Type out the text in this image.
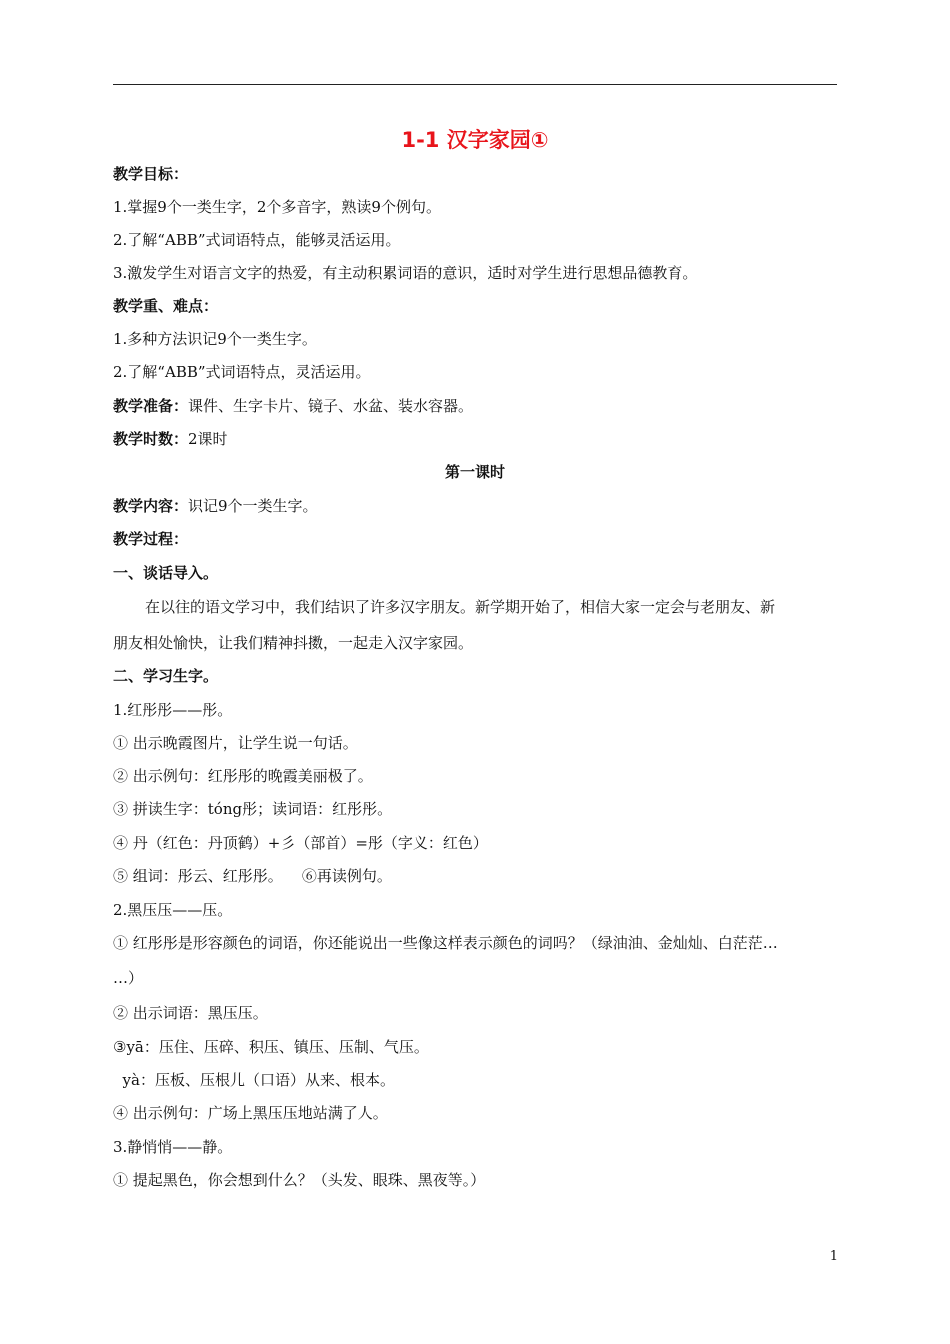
1-1 汉字家园①
教学目标：
1.掌握9个一类生字，2个多音字，熟读9个例句。
2.了解“ABB”式词语特点，能够灵活运用。
3.激发学生对语言文字的热爱，有主动积累词语的意识，适时对学生进行思想品德教育。
教学重、难点：
1.多种方法识记9个一类生字。
2.了解“ABB”式词语特点，灵活运用。
教学准备：课件、生字卡片、镜子、水盆、装水容器。
教学时数：2课时
第一课时
教学内容：识记9个一类生字。
教学过程：
一、谈话导入。
在以往的语文学习中，我们结识了许多汉字朋友。新学期开始了，相信大家一定会与老朋友、新
朋友相处愉快，让我们精神抖擞，一起走入汉字家园。
二、学习生字。
1.红彤彤——彤。
① 出示晚霞图片，让学生说一句话。
② 出示例句：红彤彤的晚霞美丽极了。
③ 拼读生字：tóng彤；读词语：红彤彤。
④ 丹（红色：丹顶鹤）+彡（部首）=彤（字义：红色）
⑤ 组词：彤云、红彤彤。    ⑥再读例句。
2.黑压压——压。
① 红彤彤是形容颜色的词语，你还能说出一些像这样表示颜色的词吗？（绿油油、金灿灿、白茫茫…
…）
② 出示词语：黑压压。
③yā：压住、压碎、积压、镇压、压制、气压。
yà：压板、压根儿（口语）从来、根本。
④ 出示例句：广场上黑压压地站满了人。
3.静悄悄——静。
① 提起黑色，你会想到什么？（头发、眼珠、黑夜等。）
1
